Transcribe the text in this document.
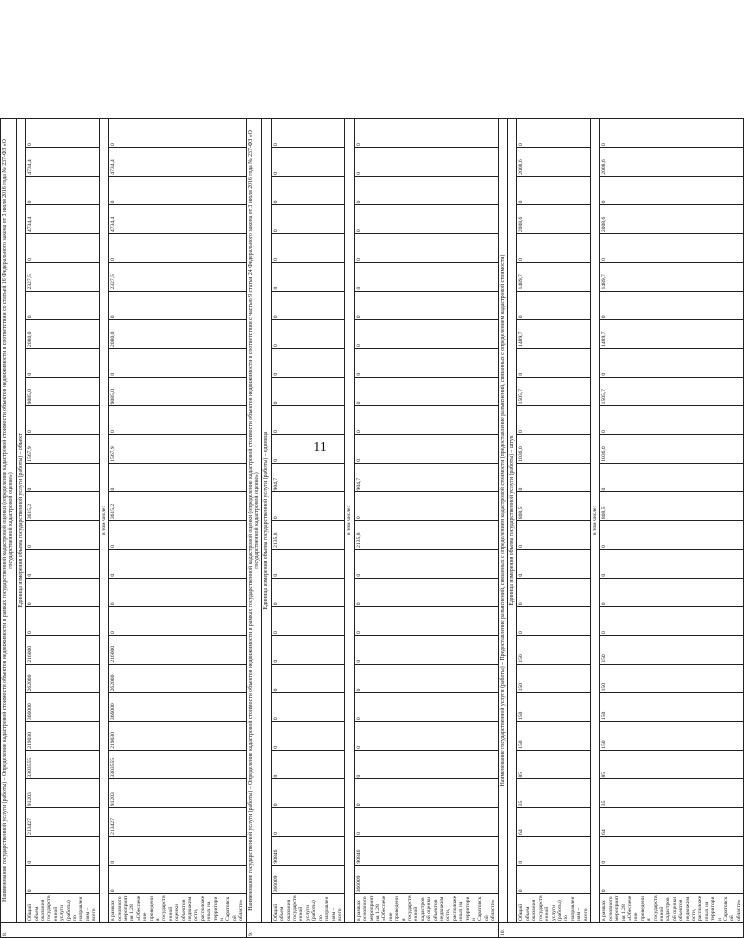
11
8.	Наименование государственной услуги (работы) – Определение кадастровой стоимости объектов недвижимости в рамках государственной кадастровой оценки (определение кадастровой стоимости объектов недвижимости в соответствии со статьей 16 Федерального закона от 3 июля 2016 года № 237-ФЗ «О государственной кадастровой оценке»)																											
	Единица измерения объема государственной услуги (работы) – объект																											
	Общий объем оказания государственной услуги (работы) по направлениям – всего	0	0	213427	91203	3303555	219030	366000	262000	216000	0	0	0	0	3615,2	0	1567,9	0	9085,0	0	2080,0	0	2327,5	0	4734,4	0	4734,4	0
	в том числе:																											
	в рамках основного мероприятия 1.28 «Обеспечение проведения государственной оценки объектов недвижимости, расположенных на территории Саратовской области»	0	0	213427	91203	3303555	219030	366000	262000	216000	0	0	0	0	3615,2	0	1567,9	0	9085,0	0	2080,0	0	2327,5	0	4734,4	0	4734,4	0
9.	Наименование государственной услуги (работы) – Определение кадастровой стоимости объектов недвижимости в рамках государственной кадастровой оценки (определение кадастровой стоимости объектов недвижимости в соответствии с частью 9 статьи 24 Федерального закона от 3 июля 2016 года № 237-ФЗ «О государственной кадастровой оценке»)																											
	Единица измерения объема государственной услуги (работы) – единица																											
	Общий объем оказания государственной услуги (работы) по направлениям – всего	366009	90846	0	0	0	0	0	0	0	0	0	0	2135,8	0	904,7	0	0	0	0	0	0	0	0	0	0	0	0
	в том числе:																											
	в рамках основного мероприятия 1.28 «Обеспечение проведения государственной кадастровой оценки объектов недвижимости, расположенных на территории Саратовской области»	366009	90846	0	0	0	0	0	0	0	0	0	0	2135,8	0	904,7	0	0	0	0	0	0	0	0	0	0	0	0
10.	Наименование государственной услуги (работы) – Предоставление разъяснений, связанных с определением кадастровой стоимости (предоставление разъяснений, связанных с определением кадастровой стоимости)																											
	Единица измерения объема государственной услуги (работы) – штук																											
	Общий объем оказания государственной услуги (работы) по направлениям – всего	0	0	64	35	85	150	150	150	150	0	0	0	0	808,5	0	1036,0	0	1505,7	0	1489,7	0	1489,7	0	2008,6	0	2008,6	0
	в том числе:																											
	в рамках основного мероприятия 1.28 «Обеспечение проведения государственной кадастровой оценки объектов недвижимости, расположенных на территории Саратовской области»	0	0	64	35	85	150	150	150	150	0	0	0	0	808,5	0	1036,0	0	1505,7	0	1489,7	0	1489,7	0	2008,6	0	2008,6	0
